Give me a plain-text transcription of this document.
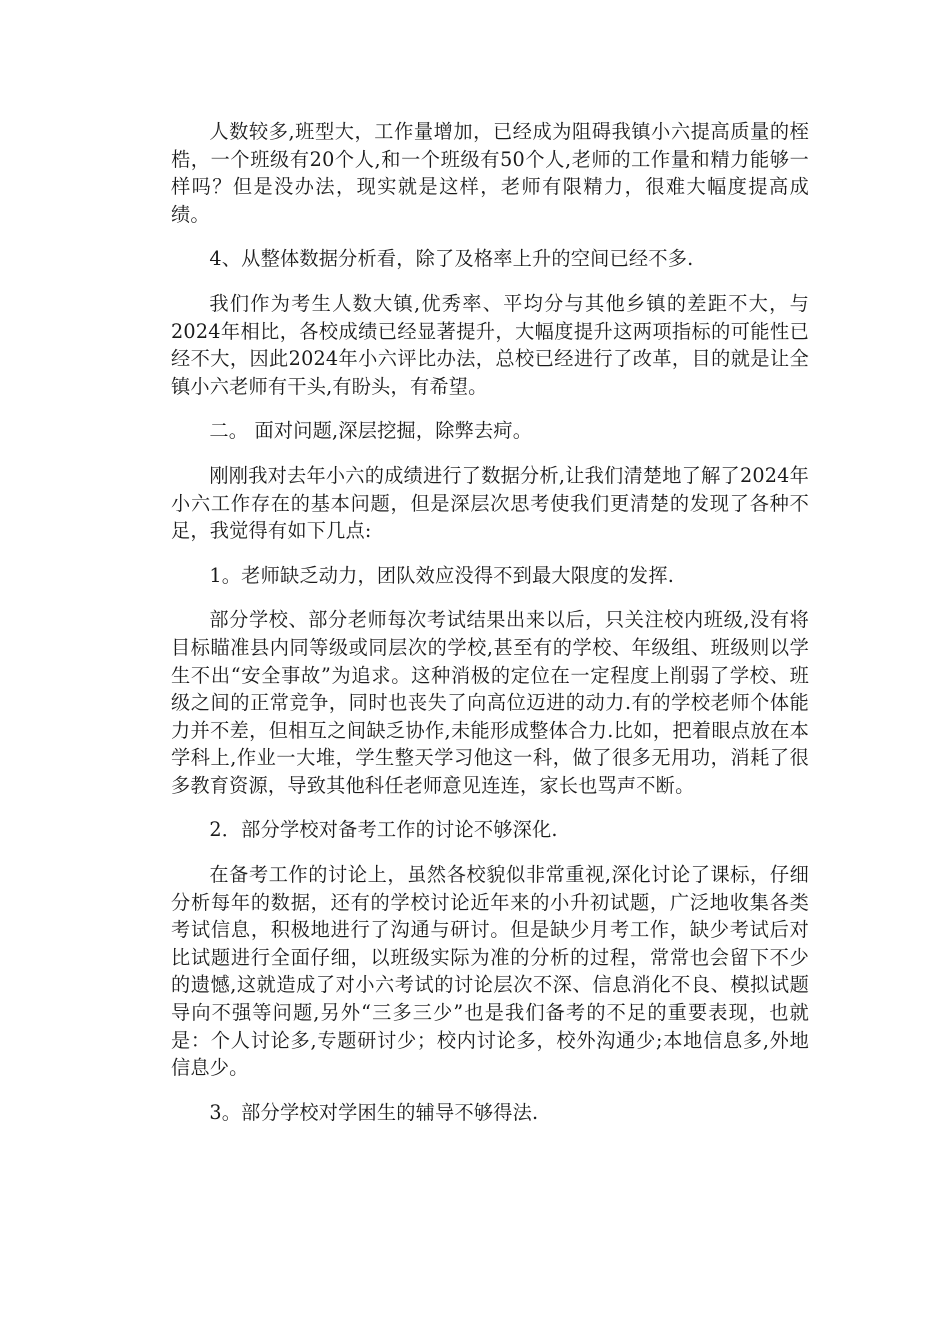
人数较多,班型大，工作量增加，已经成为阻碍我镇小六提高质量的桎梏，一个班级有20个人,和一个班级有50个人,老师的工作量和精力能够一样吗？但是没办法，现实就是这样，老师有限精力，很难大幅度提高成绩。

4、从整体数据分析看，除了及格率上升的空间已经不多.

我们作为考生人数大镇,优秀率、平均分与其他乡镇的差距不大，与2024年相比，各校成绩已经显著提升，大幅度提升这两项指标的可能性已经不大，因此2024年小六评比办法，总校已经进行了改革，目的就是让全镇小六老师有干头,有盼头，有希望。

二。 面对问题,深层挖掘，除弊去疴。

刚刚我对去年小六的成绩进行了数据分析,让我们清楚地了解了2024年小六工作存在的基本问题，但是深层次思考使我们更清楚的发现了各种不足，我觉得有如下几点:

1。老师缺乏动力，团队效应没得不到最大限度的发挥.

部分学校、部分老师每次考试结果出来以后，只关注校内班级,没有将目标瞄准县内同等级或同层次的学校,甚至有的学校、年级组、班级则以学生不出“安全事故”为追求。这种消极的定位在一定程度上削弱了学校、班级之间的正常竞争，同时也丧失了向高位迈进的动力.有的学校老师个体能力并不差，但相互之间缺乏协作,未能形成整体合力.比如，把着眼点放在本学科上,作业一大堆，学生整天学习他这一科，做了很多无用功，消耗了很多教育资源，导致其他科任老师意见连连，家长也骂声不断。

2．部分学校对备考工作的讨论不够深化.

在备考工作的讨论上，虽然各校貌似非常重视,深化讨论了课标，仔细分析每年的数据，还有的学校讨论近年来的小升初试题，广泛地收集各类考试信息，积极地进行了沟通与研讨。但是缺少月考工作，缺少考试后对比试题进行全面仔细，以班级实际为准的分析的过程，常常也会留下不少的遗憾,这就造成了对小六考试的讨论层次不深、信息消化不良、模拟试题导向不强等问题,另外“三多三少”也是我们备考的不足的重要表现，也就是：个人讨论多,专题研讨少；校内讨论多，校外沟通少;本地信息多,外地信息少。

3。部分学校对学困生的辅导不够得法.
